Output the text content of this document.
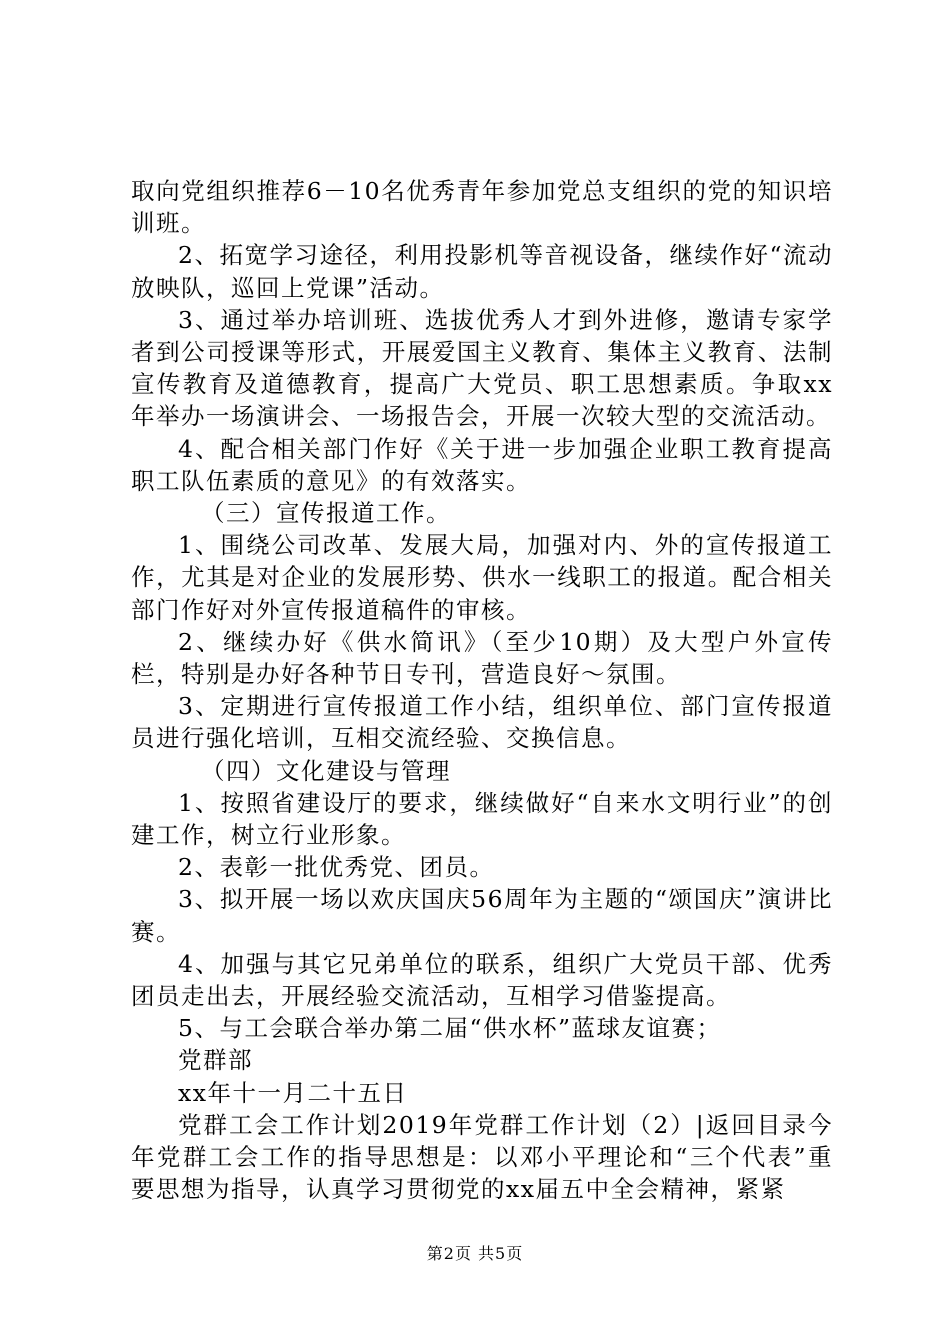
取向党组织推荐6－10名优秀青年参加党总支组织的党的知识培训班。

2、拓宽学习途径，利用投影机等音视设备，继续作好“流动放映队，巡回上党课”活动。

3、通过举办培训班、选拔优秀人才到外进修，邀请专家学者到公司授课等形式，开展爱国主义教育、集体主义教育、法制宣传教育及道德教育，提高广大党员、职工思想素质。争取xx年举办一场演讲会、一场报告会，开展一次较大型的交流活动。

4、配合相关部门作好《关于进一步加强企业职工教育提高职工队伍素质的意见》的有效落实。

（三）宣传报道工作。

1、围绕公司改革、发展大局，加强对内、外的宣传报道工作，尤其是对企业的发展形势、供水一线职工的报道。配合相关部门作好对外宣传报道稿件的审核。

2、继续办好《供水简讯》（至少10期）及大型户外宣传栏，特别是办好各种节日专刊，营造良好～氛围。

3、定期进行宣传报道工作小结，组织单位、部门宣传报道员进行强化培训，互相交流经验、交换信息。

（四）文化建设与管理

1、按照省建设厅的要求，继续做好“自来水文明行业”的创建工作，树立行业形象。

2、表彰一批优秀党、团员。

3、拟开展一场以欢庆国庆56周年为主题的“颂国庆”演讲比赛。

4、加强与其它兄弟单位的联系，组织广大党员干部、优秀团员走出去，开展经验交流活动，互相学习借鉴提高。

5、与工会联合举办第二届“供水杯”蓝球友谊赛；

党群部

xx年十一月二十五日

党群工会工作计划2019年党群工作计划（2）|返回目录今年党群工会工作的指导思想是：以邓小平理论和“三个代表”重要思想为指导，认真学习贯彻党的xx届五中全会精神，紧紧

第2页 共5页
